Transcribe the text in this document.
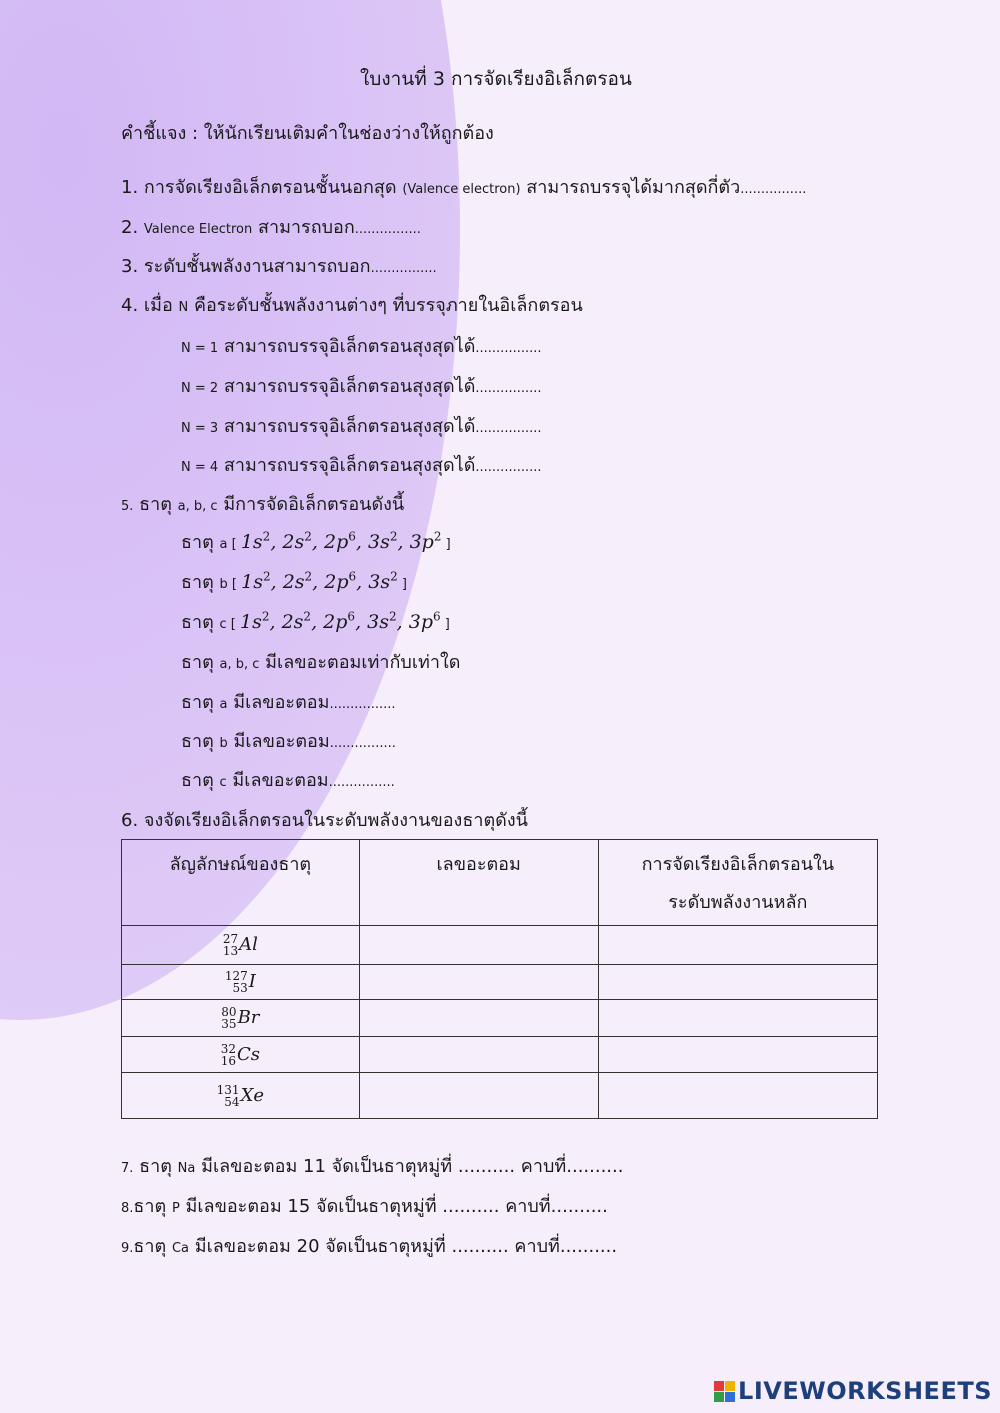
ใบงานที่ 3 การจัดเรียงอิเล็กตรอน
คำชี้แจง : ให้นักเรียนเติมคำในช่องว่างให้ถูกต้อง
1. การจัดเรียงอิเล็กตรอนชั้นนอกสุด (Valence electron) สามารถบรรจุได้มากสุดกี่ตัว................
2. Valence Electron สามารถบอก................
3. ระดับชั้นพลังงานสามารถบอก................
4. เมื่อ N คือระดับชั้นพลังงานต่างๆ ที่บรรจุภายในอิเล็กตรอน
N = 1 สามารถบรรจุอิเล็กตรอนสุงสุดได้................
N = 2 สามารถบรรจุอิเล็กตรอนสุงสุดได้................
N = 3 สามารถบรรจุอิเล็กตรอนสุงสุดได้................
N = 4 สามารถบรรจุอิเล็กตรอนสุงสุดได้................
5. ธาตุ a, b, c มีการจัดอิเล็กตรอนดังนี้
ธาตุ a [ $1s^2$, $2s^2$, $2p^6$, $3s^2$, $3p^2$ ]
ธาตุ b [ $1s^2$, $2s^2$, $2p^6$, $3s^2$ ]
ธาตุ c [ $1s^2$, $2s^2$, $2p^6$, $3s^2$, $3p^6$ ]
ธาตุ a, b, c มีเลขอะตอมเท่ากับเท่าใด
ธาตุ a มีเลขอะตอม................
ธาตุ b มีเลขอะตอม................
ธาตุ c มีเลขอะตอม................
6. จงจัดเรียงอิเล็กตรอนในระดับพลังงานของธาตุดังนี้
ลัญลักษณ์ของธาตุ	เลขอะตอม	การจัดเรียงอิเล็กตรอนใน ระดับพลังงานหลัก

27
13 Al		

127
53 I		

80
35 Br		

32
16 Cs		

131
54 Xe		
7. ธาตุ Na มีเลขอะตอม 11 จัดเป็นธาตุหมู่ที่ .......... คาบที่..........
8.ธาตุ P มีเลขอะตอม 15 จัดเป็นธาตุหมู่ที่ .......... คาบที่..........
9.ธาตุ Ca มีเลขอะตอม 20 จัดเป็นธาตุหมู่ที่ .......... คาบที่..........
LIVEWORKSHEETS
